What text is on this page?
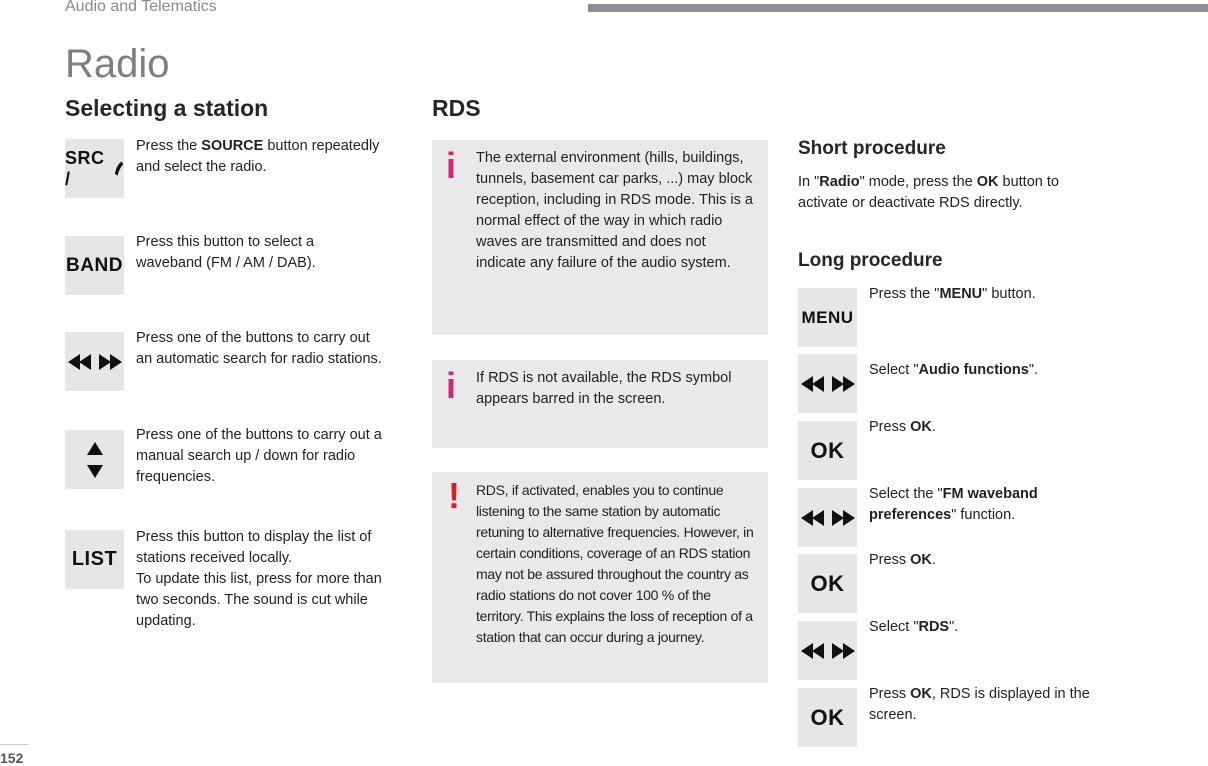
Audio and Telematics
Radio
Selecting a station
SRC /
Press the SOURCE button repeatedly and select the radio.
BAND
Press this button to select a waveband (FM / AM / DAB).
Press one of the buttons to carry out an automatic search for radio stations.
Press one of the buttons to carry out a manual search up / down for radio frequencies.
LIST
Press this button to display the list of stations received locally.
To update this list, press for more than two seconds. The sound is cut while updating.
RDS
i The external environment (hills, buildings, tunnels, basement car parks, ...) may block reception, including in RDS mode. This is a normal effect of the way in which radio waves are transmitted and does not indicate any failure of the audio system.
i If RDS is not available, the RDS symbol appears barred in the screen.
! RDS, if activated, enables you to continue listening to the same station by automatic retuning to alternative frequencies. However, in certain conditions, coverage of an RDS station may not be assured throughout the country as radio stations do not cover 100 % of the territory. This explains the loss of reception of a station that can occur during a journey.
Short procedure
In "Radio" mode, press the OK button to activate or deactivate RDS directly.
Long procedure
MENU
Press the "MENU" button.
Select "Audio functions".
OK
Press OK.
Select the "FM waveband preferences" function.
OK
Press OK.
Select "RDS".
OK
Press OK, RDS is displayed in the screen.
152
